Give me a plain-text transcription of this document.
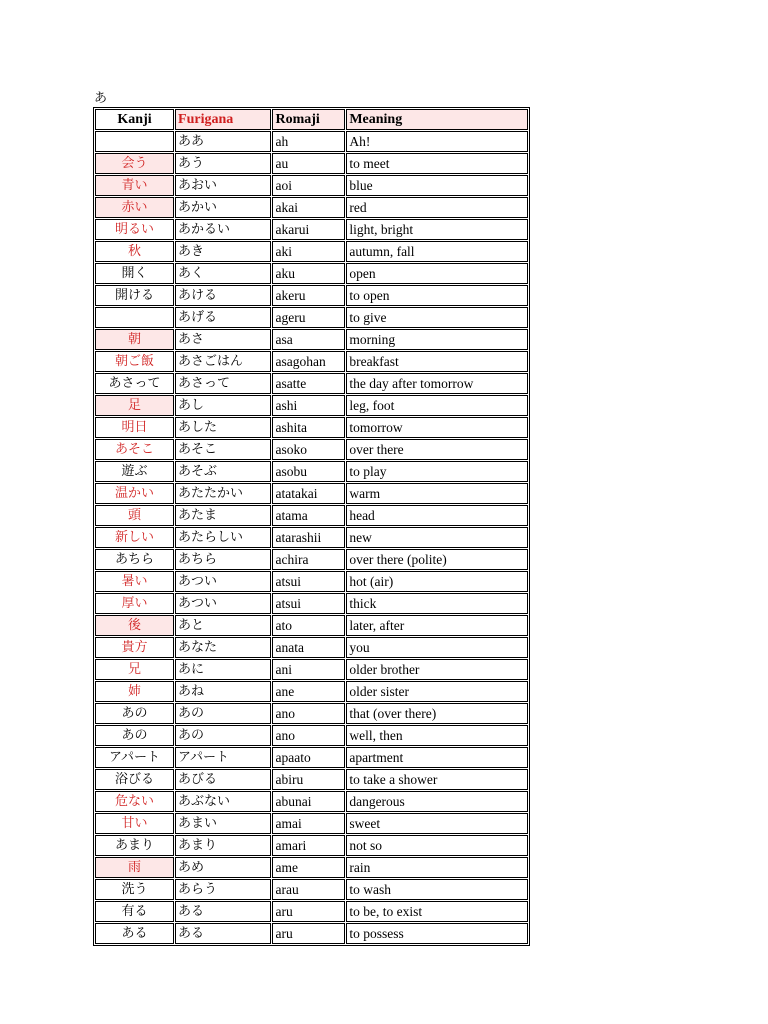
あ
Kanji	Furigana	Romaji	Meaning
	ああ	ah	Ah!
会う	あう	au	to meet
青い	あおい	aoi	blue
赤い	あかい	akai	red
明るい	あかるい	akarui	light, bright
秋	あき	aki	autumn, fall
開く	あく	aku	open
開ける	あける	akeru	to open
	あげる	ageru	to give
朝	あさ	asa	morning
朝ご飯	あさごはん	asagohan	breakfast
あさって	あさって	asatte	the day after tomorrow
足	あし	ashi	leg, foot
明日	あした	ashita	tomorrow
あそこ	あそこ	asoko	over there
遊ぶ	あそぶ	asobu	to play
温かい	あたたかい	atatakai	warm
頭	あたま	atama	head
新しい	あたらしい	atarashii	new
あちら	あちら	achira	over there (polite)
暑い	あつい	atsui	hot (air)
厚い	あつい	atsui	thick
後	あと	ato	later, after
貴方	あなた	anata	you
兄	あに	ani	older brother
姉	あね	ane	older sister
あの	あの	ano	that (over there)
あの	あの	ano	well, then
アパート	アパート	apaato	apartment
浴びる	あびる	abiru	to take a shower
危ない	あぶない	abunai	dangerous
甘い	あまい	amai	sweet
あまり	あまり	amari	not so
雨	あめ	ame	rain
洗う	あらう	arau	to wash
有る	ある	aru	to be, to exist
ある	ある	aru	to possess
